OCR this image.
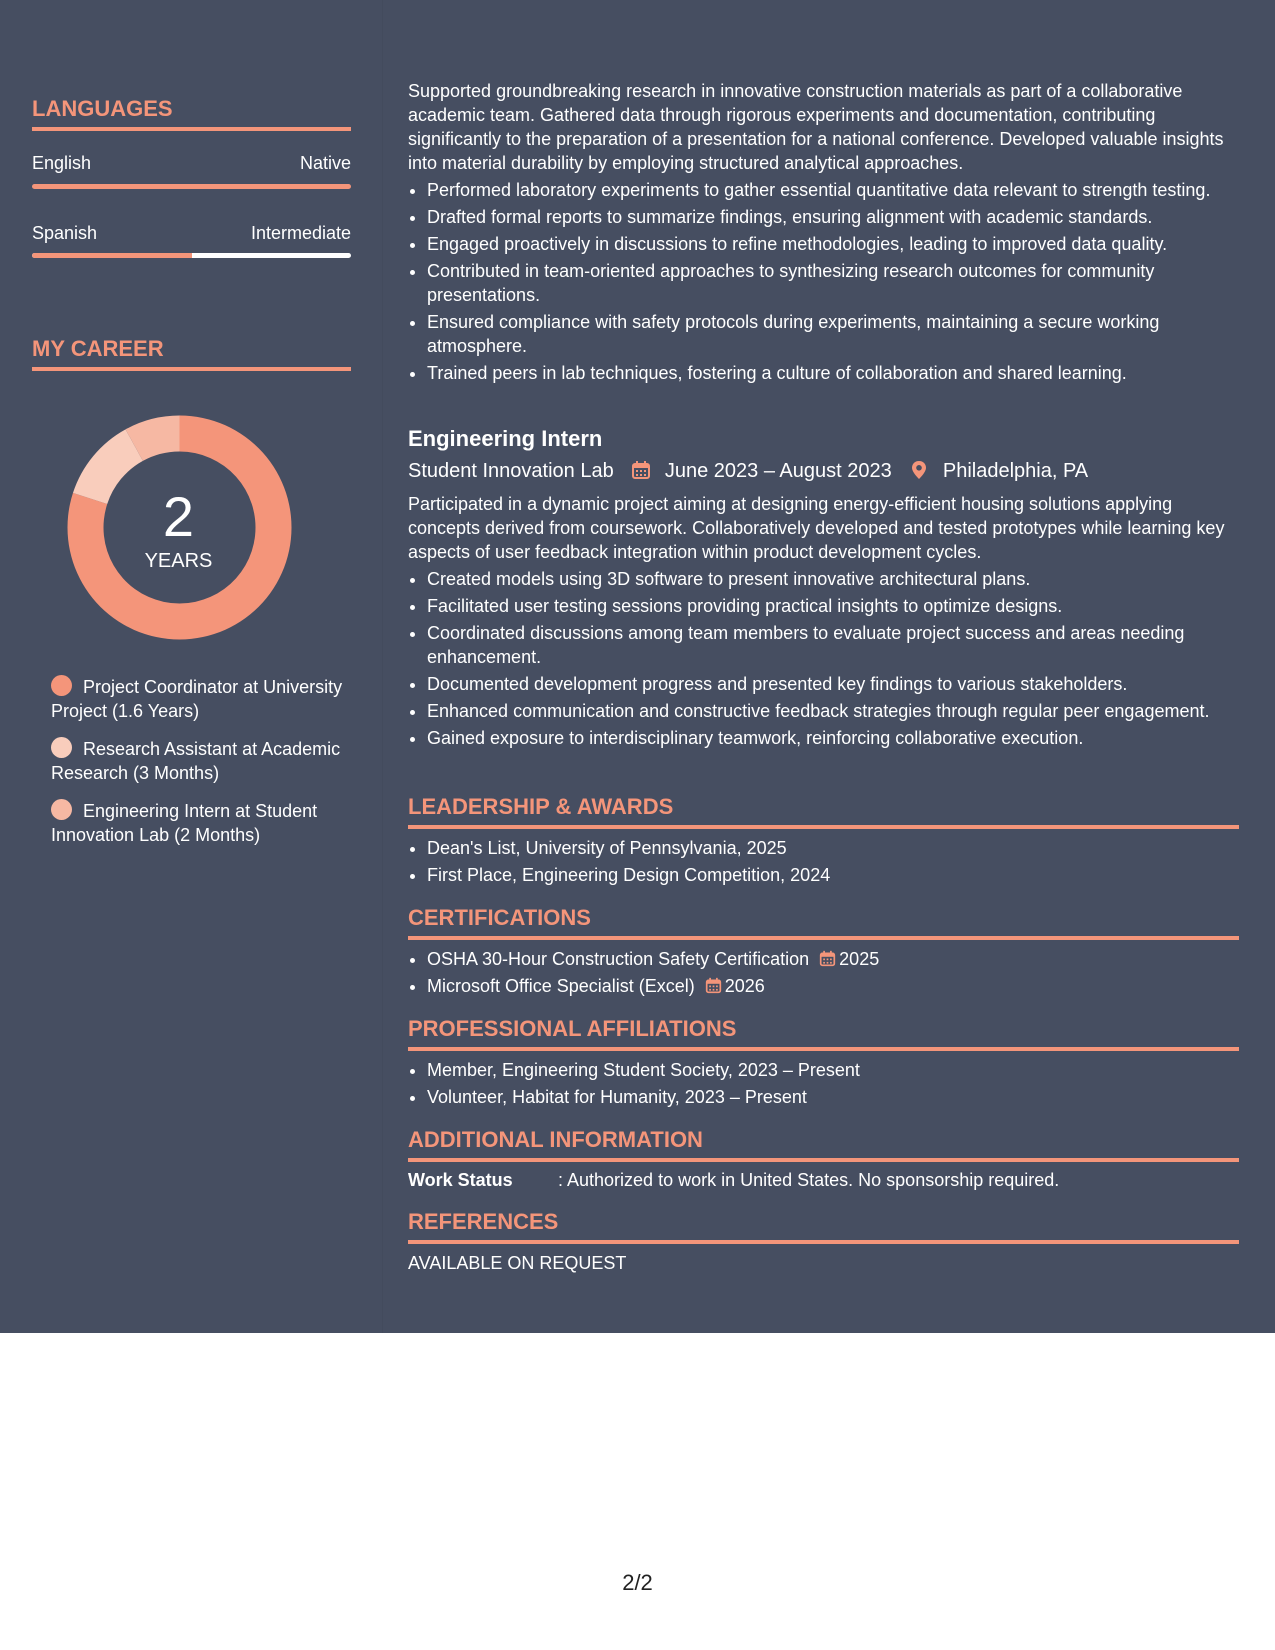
LANGUAGES
English	Native
Spanish	Intermediate
MY CAREER
2
YEARS
Project Coordinator at University Project (1.6 Years)
Research Assistant at Academic Research (3 Months)
Engineering Intern at Student Innovation Lab (2 Months)

Supported groundbreaking research in innovative construction materials as part of a collaborative academic team. Gathered data through rigorous experiments and documentation, contributing significantly to the preparation of a presentation for a national conference. Developed valuable insights into material durability by employing structured analytical approaches.

• Performed laboratory experiments to gather essential quantitative data relevant to strength testing.
• Drafted formal reports to summarize findings, ensuring alignment with academic standards.
• Engaged proactively in discussions to refine methodologies, leading to improved data quality.
• Contributed in team-oriented approaches to synthesizing research outcomes for community presentations.
• Ensured compliance with safety protocols during experiments, maintaining a secure working atmosphere.
• Trained peers in lab techniques, fostering a culture of collaboration and shared learning.
Engineering Intern
Student Innovation Lab	June 2023 – August 2023	Philadelphia, PA

Participated in a dynamic project aiming at designing energy-efficient housing solutions applying concepts derived from coursework. Collaboratively developed and tested prototypes while learning key aspects of user feedback integration within product development cycles.

• Created models using 3D software to present innovative architectural plans.
• Facilitated user testing sessions providing practical insights to optimize designs.
• Coordinated discussions among team members to evaluate project success and areas needing enhancement.
• Documented development progress and presented key findings to various stakeholders.
• Enhanced communication and constructive feedback strategies through regular peer engagement.
• Gained exposure to interdisciplinary teamwork, reinforcing collaborative execution.
LEADERSHIP & AWARDS
• Dean's List, University of Pennsylvania, 2025
• First Place, Engineering Design Competition, 2024
CERTIFICATIONS
• OSHA 30-Hour Construction Safety Certification 2025
• Microsoft Office Specialist (Excel) 2026
PROFESSIONAL AFFILIATIONS
• Member, Engineering Student Society, 2023 – Present
• Volunteer, Habitat for Humanity, 2023 – Present
ADDITIONAL INFORMATION
Work Status	: Authorized to work in United States. No sponsorship required.
REFERENCES
AVAILABLE ON REQUEST
2/2
